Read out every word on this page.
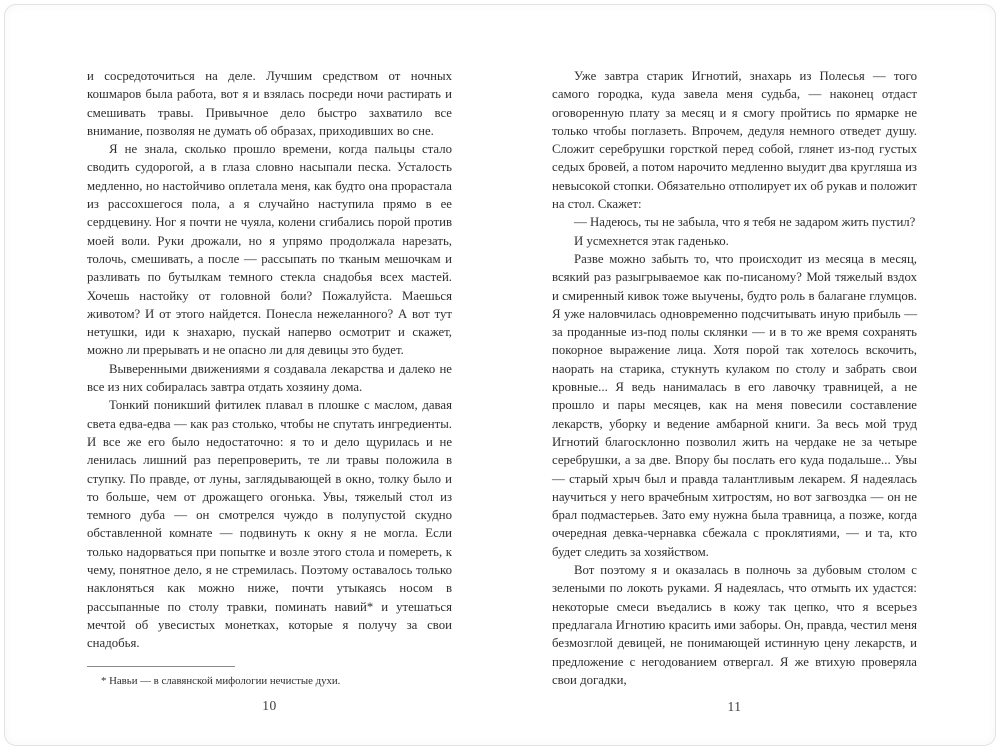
и сосредоточиться на деле. Лучшим средством от ночных кошмаров была работа, вот я и взялась посреди ночи растирать и смешивать травы. Привычное дело быстро захватило все внимание, позволяя не думать об образах, приходивших во сне.

Я не знала, сколько прошло времени, когда пальцы стало сводить судорогой, а в глаза словно насыпали песка. Усталость медленно, но настойчиво оплетала меня, как будто она прорастала из рассохшегося пола, а я случайно наступила прямо в ее сердцевину. Ног я почти не чуяла, колени сгибались порой против моей воли. Руки дрожали, но я упрямо продолжала нарезать, толочь, смешивать, а после — рассыпать по тканым мешочкам и разливать по бутылкам темного стекла снадобья всех мастей. Хочешь настойку от головной боли? Пожалуйста. Маешься животом? И от этого найдется. Понесла нежеланного? А вот тут нетушки, иди к знахарю, пускай наперво осмотрит и скажет, можно ли прерывать и не опасно ли для девицы это будет.

Выверенными движениями я создавала лекарства и далеко не все из них собиралась завтра отдать хозяину дома.

Тонкий поникший фитилек плавал в плошке с маслом, давая света едва-едва — как раз столько, чтобы не спутать ингредиенты. И все же его было недостаточно: я то и дело щурилась и не ленилась лишний раз перепроверить, те ли травы положила в ступку. По правде, от луны, заглядывающей в окно, толку было и то больше, чем от дрожащего огонька. Увы, тяжелый стол из темного дуба — он смотрелся чуждо в полупустой скудно обставленной комнате — подвинуть к окну я не могла. Если только надорваться при попытке и возле этого стола и помереть, к чему, понятное дело, я не стремилась. Поэтому оставалось только наклоняться как можно ниже, почти утыкаясь носом в рассыпанные по столу травки, поминать навий* и утешаться мечтой об увесистых монетках, которые я получу за свои снадобья.

* Навьи — в славянской мифологии нечистые духи.

10

Уже завтра старик Игнотий, знахарь из Полесья — того самого городка, куда завела меня судьба, — наконец отдаст оговоренную плату за месяц и я смогу пройтись по ярмарке не только чтобы поглазеть. Впрочем, дедуля немного отведет душу. Сложит серебрушки горсткой перед собой, глянет из-под густых седых бровей, а потом нарочито медленно выудит два кругляша из невысокой стопки. Обязательно отполирует их об рукав и положит на стол. Скажет:

— Надеюсь, ты не забыла, что я тебя не задаром жить пустил?

И усмехнется этак гаденько.

Разве можно забыть то, что происходит из месяца в месяц, всякий раз разыгрываемое как по-писаному? Мой тяжелый вздох и смиренный кивок тоже выучены, будто роль в балагане глумцов. Я уже наловчилась одновременно подсчитывать иную прибыль — за проданные из-под полы склянки — и в то же время сохранять покорное выражение лица. Хотя порой так хотелось вскочить, наорать на старика, стукнуть кулаком по столу и забрать свои кровные... Я ведь нанималась в его лавочку травницей, а не прошло и пары месяцев, как на меня повесили составление лекарств, уборку и ведение амбарной книги. За весь мой труд Игнотий благосклонно позволил жить на чердаке не за четыре серебрушки, а за две. Впору бы послать его куда подальше... Увы — старый хрыч был и правда талантливым лекарем. Я надеялась научиться у него врачебным хитростям, но вот загвоздка — он не брал подмастерьев. Зато ему нужна была травница, а позже, когда очередная девка-чернавка сбежала с проклятиями, — и та, кто будет следить за хозяйством.

Вот поэтому я и оказалась в полночь за дубовым столом с зелеными по локоть руками. Я надеялась, что отмыть их удастся: некоторые смеси въедались в кожу так цепко, что я всерьез предлагала Игнотию красить ими заборы. Он, правда, честил меня безмозглой девицей, не понимающей истинную цену лекарств, и предложение с негодованием отвергал. Я же втихую проверяла свои догадки,

11
